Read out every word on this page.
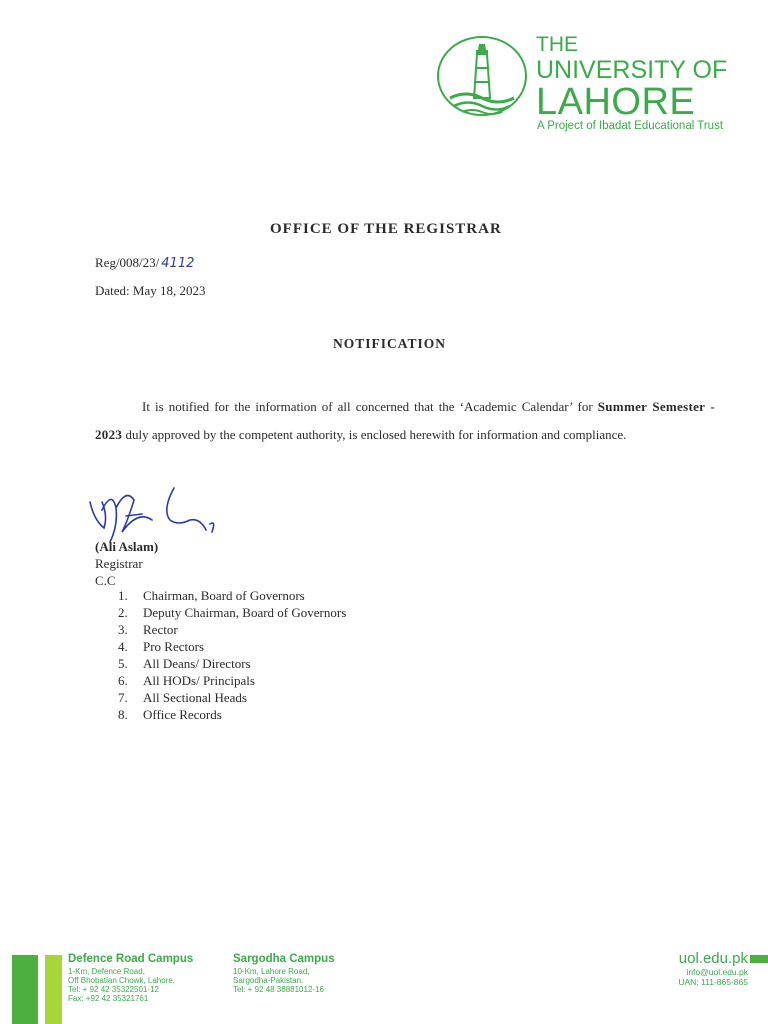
THE
UNIVERSITY OF
LAHORE
A Project of Ibadat Educational Trust
OFFICE OF THE REGISTRAR
Reg/008/23/ 4112
Dated: May 18, 2023
NOTIFICATION
It is notified for the information of all concerned that the ‘Academic Calendar’ for Summer Semester - 2023 duly approved by the competent authority, is enclosed herewith for information and compliance.
(Ali Aslam)
Registrar
C.C
1. Chairman, Board of Governors
2. Deputy Chairman, Board of Governors
3. Rector
4. Pro Rectors
5. All Deans/ Directors
6. All HODs/ Principals
7. All Sectional Heads
8. Office Records
Defence Road Campus
1-Km, Defence Road,
Off Bhobatian Chowk, Lahore.
Tel: + 92 42 35322501-12
Fax: +92 42 35321761
Sargodha Campus
10-Km, Lahore Road,
Sargodha-Pakistan.
Tel: + 92 48 38881012-16
uol.edu.pk
info@uol.edu.pk
UAN: 111-865-865
